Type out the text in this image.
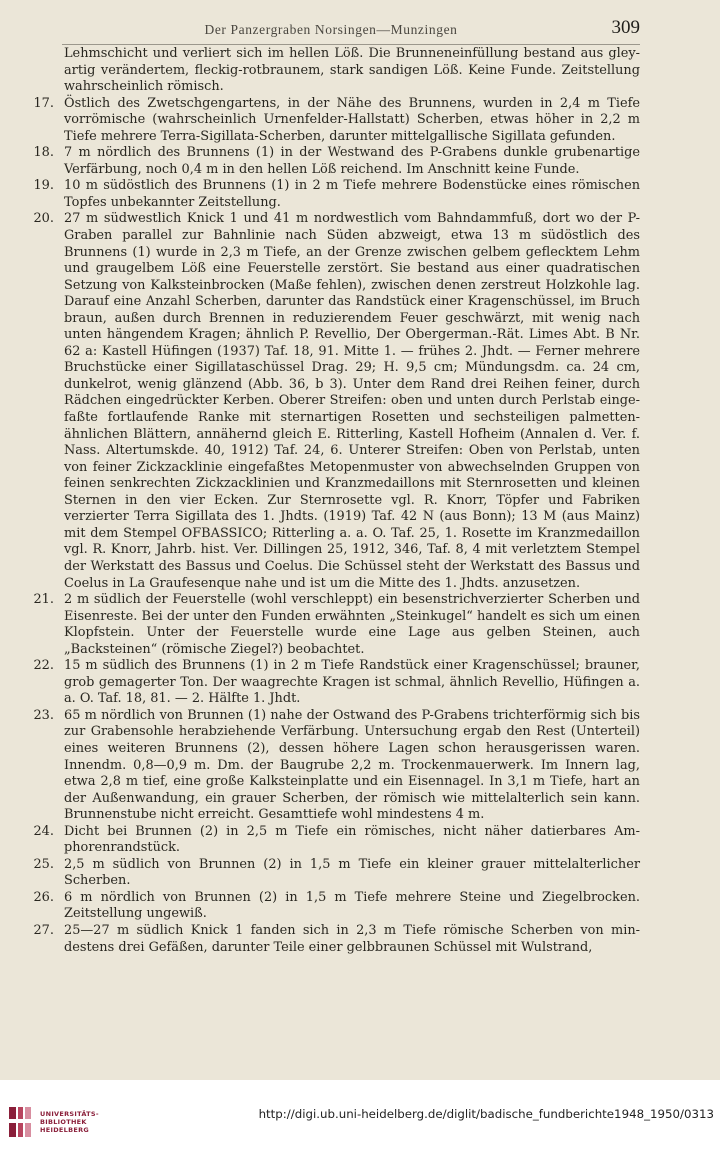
Der Panzergraben Norsingen—Munzingen	309

Lehmschicht und verliert sich im hellen Löß. Die Brunneneinfüllung bestand aus gley-artig verändertem, fleckig-rotbraunem, stark sandigen Löß. Keine Funde. Zeitstellung wahrscheinlich römisch.

17. Östlich des Zwetschgengartens, in der Nähe des Brunnens, wurden in 2,4 m Tiefe vorrömische (wahrscheinlich Urnenfelder-Hallstatt) Scherben, etwas höher in 2,2 m Tiefe mehrere Terra-Sigillata-Scherben, darunter mittelgallische Sigillata gefunden.

18. 7 m nördlich des Brunnens (1) in der Westwand des P-Grabens dunkle grubenartige Verfärbung, noch 0,4 m in den hellen Löß reichend. Im Anschnitt keine Funde.

19. 10 m südöstlich des Brunnens (1) in 2 m Tiefe mehrere Bodenstücke eines römischen Topfes unbekannter Zeitstellung.

20. 27 m südwestlich Knick 1 und 41 m nordwestlich vom Bahndammfuß, dort wo der P-Graben parallel zur Bahnlinie nach Süden abzweigt, etwa 13 m südöstlich des Brunnens (1) wurde in 2,3 m Tiefe, an der Grenze zwischen gelbem geflecktem Lehm und graugelbem Löß eine Feuerstelle zerstört. Sie bestand aus einer quadratischen Setzung von Kalksteinbrocken (Maße fehlen), zwischen denen zerstreut Holzkohle lag. Darauf eine Anzahl Scherben, darunter das Randstück einer Kragenschüssel, im Bruch braun, außen durch Brennen in reduzierendem Feuer geschwärzt, mit wenig nach unten hängendem Kragen; ähnlich P. Revellio, Der Obergerman.-Rät. Limes Abt. B Nr. 62 a: Kastell Hüfingen (1937) Taf. 18, 91. Mitte 1. — frühes 2. Jhdt. — Ferner mehrere Bruchstücke einer Sigillataschüssel Drag. 29; H. 9,5 cm; Mündungsdm. ca. 24 cm, dunkelrot, wenig glänzend (Abb. 36, b 3). Unter dem Rand drei Reihen feiner, durch Rädchen eingedrückter Kerben. Oberer Streifen: oben und unten durch Perlstab eingefaßte fortlaufende Ranke mit sternartigen Rosetten und sechsteiligen palmettenähnlichen Blättern, annähernd gleich E. Ritterling, Kastell Hofheim (Annalen d. Ver. f. Nass. Altertumskde. 40, 1912) Taf. 24, 6. Unterer Streifen: Oben von Perlstab, unten von feiner Zickzacklinie eingefaßtes Metopenmuster von abwechselnden Gruppen von feinen senkrechten Zickzacklinien und Kranzmedaillons mit Sternrosetten und kleinen Sternen in den vier Ecken. Zur Sternrosette vgl. R. Knorr, Töpfer und Fabriken verzierter Terra Sigillata des 1. Jhdts. (1919) Taf. 42 N (aus Bonn); 13 M (aus Mainz) mit dem Stempel OFBASSICO; Ritterling a. a. O. Taf. 25, 1. Rosette im Kranzmedaillon vgl. R. Knorr, Jahrb. hist. Ver. Dillingen 25, 1912, 346, Taf. 8, 4 mit verletztem Stempel der Werkstatt des Bassus und Coelus. Die Schüssel steht der Werkstatt des Bassus und Coelus in La Graufesenque nahe und ist um die Mitte des 1. Jhdts. anzusetzen.

21. 2 m südlich der Feuerstelle (wohl verschleppt) ein besenstrichverzierter Scherben und Eisenreste. Bei der unter den Funden erwähnten „Steinkugel“ handelt es sich um einen Klopfstein. Unter der Feuerstelle wurde eine Lage aus gelben Steinen, auch „Backsteinen“ (römische Ziegel?) beobachtet.

22. 15 m südlich des Brunnens (1) in 2 m Tiefe Randstück einer Kragenschüssel; brauner, grob gemagerter Ton. Der waagrechte Kragen ist schmal, ähnlich Revellio, Hüfingen a. a. O. Taf. 18, 81. — 2. Hälfte 1. Jhdt.

23. 65 m nördlich von Brunnen (1) nahe der Ostwand des P-Grabens trichterförmig sich bis zur Grabensohle herabziehende Verfärbung. Untersuchung ergab den Rest (Unterteil) eines weiteren Brunnens (2), dessen höhere Lagen schon herausgerissen waren. Innendm. 0,8—0,9 m. Dm. der Baugrube 2,2 m. Trockenmauerwerk. Im Innern lag, etwa 2,8 m tief, eine große Kalksteinplatte und ein Eisennagel. In 3,1 m Tiefe, hart an der Außenwandung, ein grauer Scherben, der römisch wie mittelalterlich sein kann. Brunnenstube nicht erreicht. Gesamttiefe wohl mindestens 4 m.

24. Dicht bei Brunnen (2) in 2,5 m Tiefe ein römisches, nicht näher datierbares Amphorenrandstück.

25. 2,5 m südlich von Brunnen (2) in 1,5 m Tiefe ein kleiner grauer mittelalterlicher Scherben.

26. 6 m nördlich von Brunnen (2) in 1,5 m Tiefe mehrere Steine und Ziegelbrocken. Zeitstellung ungewiß.

27. 25—27 m südlich Knick 1 fanden sich in 2,3 m Tiefe römische Scherben von mindestens drei Gefäßen, darunter Teile einer gelbbraunen Schüssel mit Wulstrand,

UNIVERSITÄTS-
BIBLIOTHEK
HEIDELBERG
http://digi.ub.uni-heidelberg.de/diglit/badische_fundberichte1948_1950/0313
